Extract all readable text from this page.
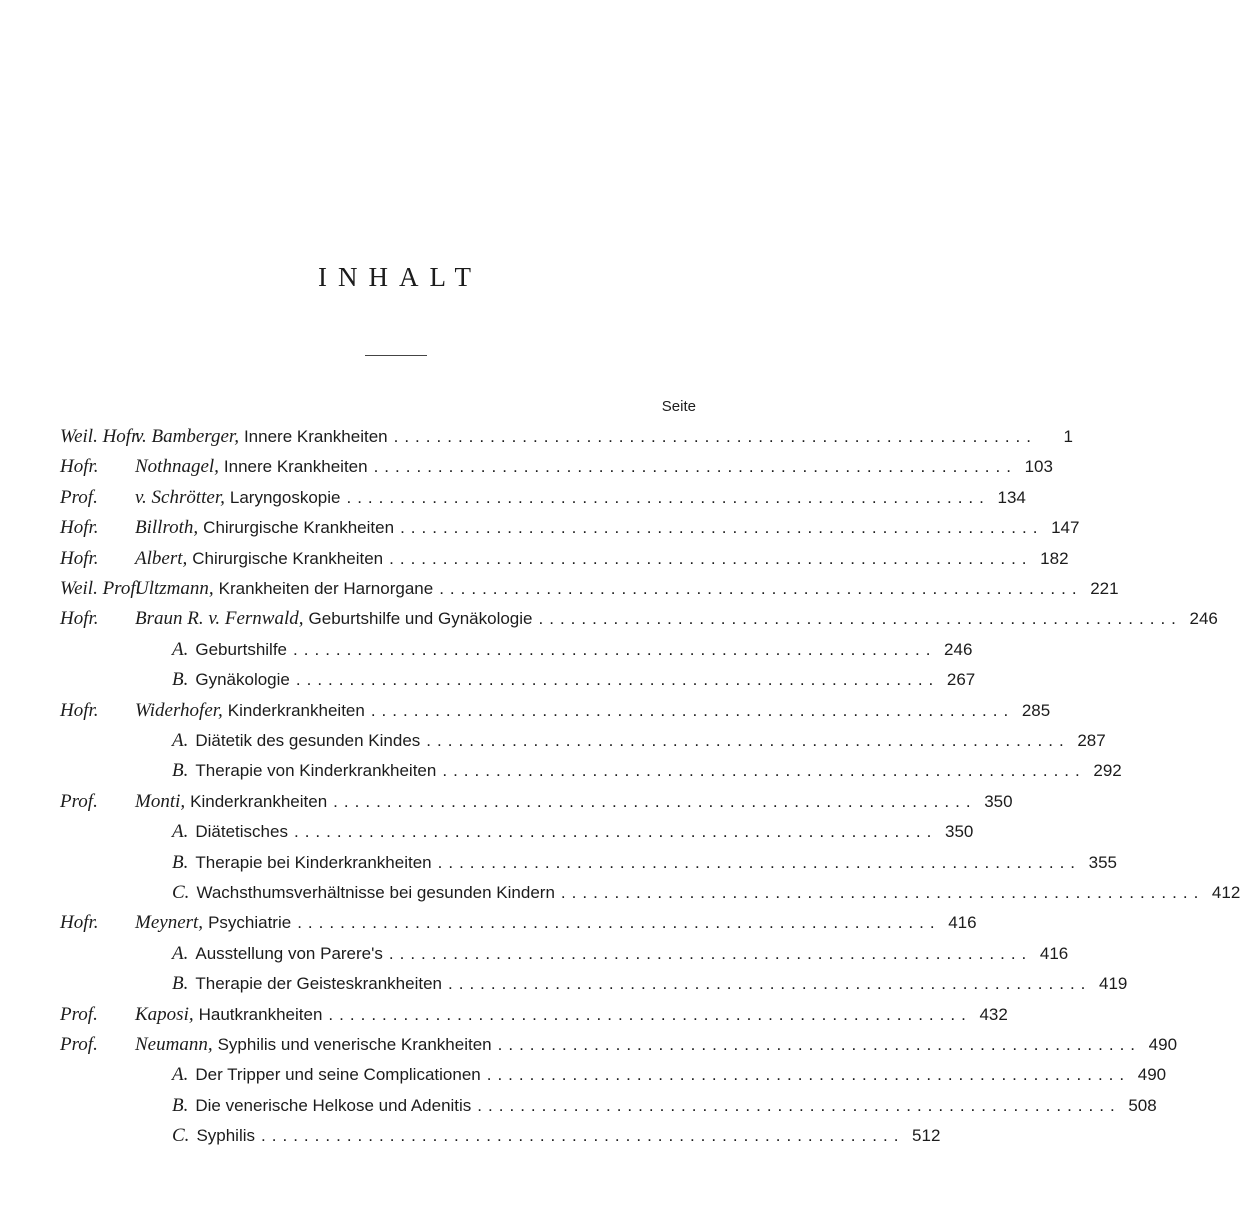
INHALT
Seite
Weil. Hofr.
v. Bamberger, Innere Krankheiten ............................................................	1
Hofr. Nothnagel, Innere Krankheiten ............................................................ 103
Prof. v. Schrötter, Laryngoskopie ............................................................ 134
Hofr. Billroth, Chirurgische Krankheiten ............................................................ 147
Hofr. Albert, Chirurgische Krankheiten ............................................................ 182
Weil. Prof.
Ultzmann, Krankheiten der Harnorgane ............................................................ 221
Hofr. Braun R. v. Fernwald, Geburtshilfe und Gynäkologie ............................................................ 246
A. Geburtshilfe ............................................................ 246
B. Gynäkologie ............................................................ 267
Hofr. Widerhofer, Kinderkrankheiten ............................................................ 285
A. Diätetik des gesunden Kindes ............................................................ 287
B. Therapie von Kinderkrankheiten ............................................................ 292
Prof. Monti, Kinderkrankheiten ............................................................ 350
A. Diätetisches ............................................................ 350
B. Therapie bei Kinderkrankheiten ............................................................ 355
C. Wachsthumsverhältnisse bei gesunden Kindern ............................................................ 412
Hofr. Meynert, Psychiatrie ............................................................ 416
A. Ausstellung von Parere's ............................................................ 416
B. Therapie der Geisteskrankheiten ............................................................ 419
Prof. Kaposi, Hautkrankheiten ............................................................ 432
Prof. Neumann, Syphilis und venerische Krankheiten ............................................................ 490
A. Der Tripper und seine Complicationen ............................................................ 490
B. Die venerische Helkose und Adenitis ............................................................ 508
C. Syphilis ............................................................ 512
